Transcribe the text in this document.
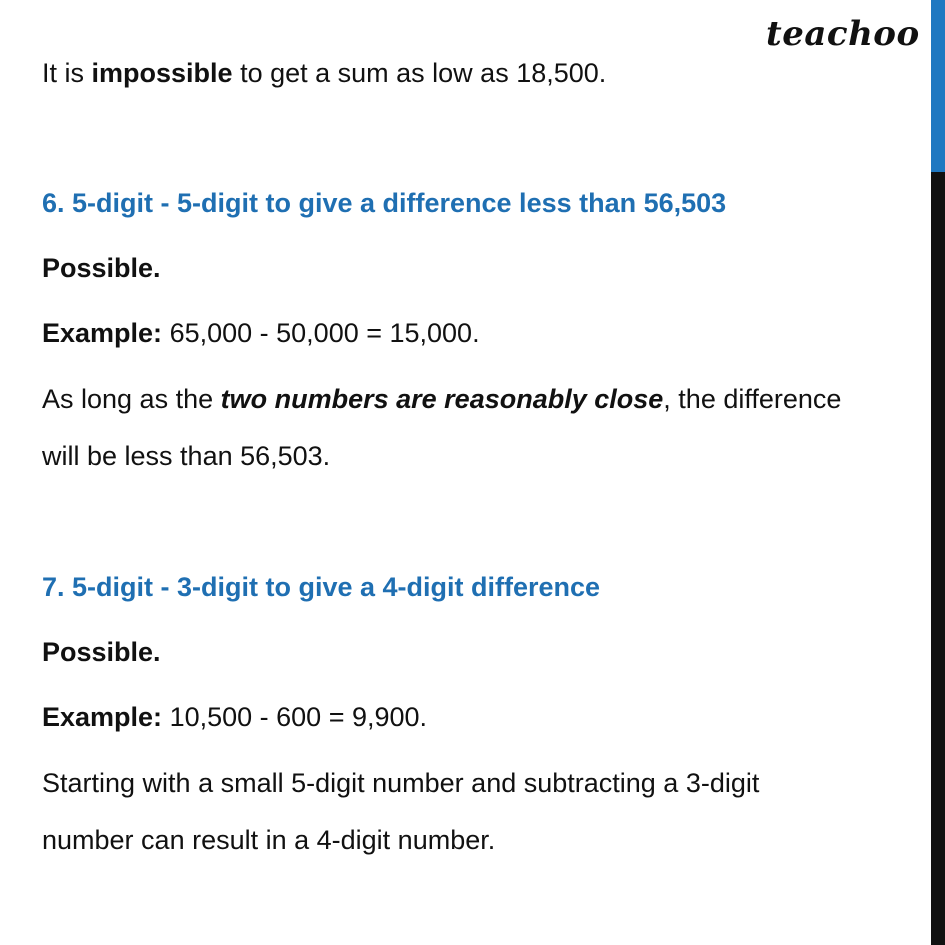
teachoo
It is impossible to get a sum as low as 18,500.
6. 5-digit - 5-digit to give a difference less than 56,503
Possible.
Example: 65,000 - 50,000 = 15,000.
As long as the two numbers are reasonably close, the difference
will be less than 56,503.
7. 5-digit - 3-digit to give a 4-digit difference
Possible.
Example: 10,500 - 600 = 9,900.
Starting with a small 5-digit number and subtracting a 3-digit
number can result in a 4-digit number.
